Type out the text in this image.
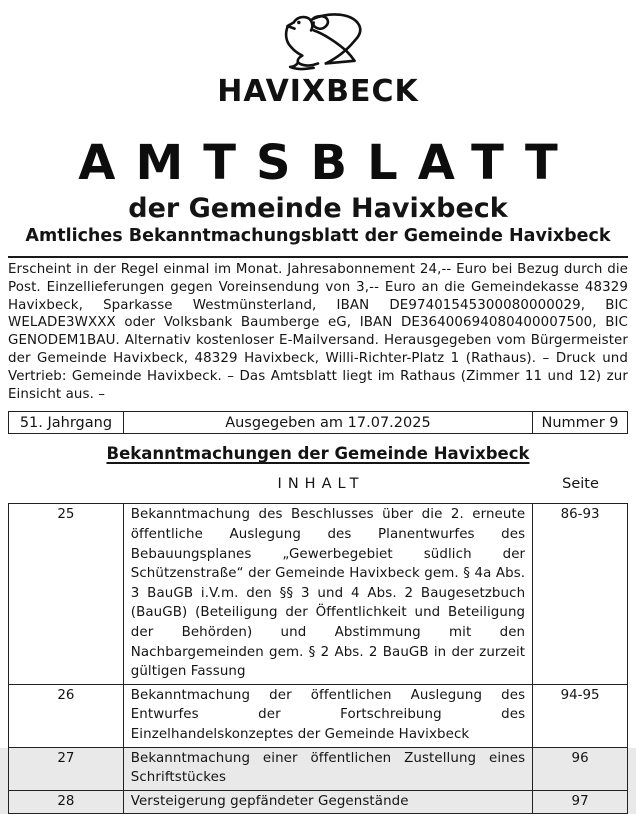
HAVIXBECK
AMTSBLATT
der Gemeinde Havixbeck
Amtliches Bekanntmachungsblatt der Gemeinde Havixbeck

Erscheint in der Regel einmal im Monat. Jahresabonnement 24,-- Euro bei Bezug durch die Post. Einzellieferungen gegen Voreinsendung von 3,-- Euro an die Gemeindekasse 48329 Havixbeck, Sparkasse Westmünsterland, IBAN DE97401545300080000029, BIC WELADE3WXXX oder Volksbank Baumberge eG, IBAN DE36400694080400007500, BIC GENODEM1BAU. Alternativ kostenloser E-Mailversand. Herausgegeben vom Bürgermeister der Gemeinde Havixbeck, 48329 Havixbeck, Willi-Richter-Platz 1 (Rathaus). – Druck und Vertrieb: Gemeinde Havixbeck. – Das Amtsblatt liegt im Rathaus (Zimmer 11 und 12) zur Einsicht aus. –

51. Jahrgang	Ausgegeben am 17.07.2025	Nummer 9
Bekanntmachungen der Gemeinde Havixbeck
INHALT	Seite
25	Bekanntmachung des Beschlusses über die 2. erneute öffentliche Auslegung des Planentwurfes des Bebauungsplanes „Gewerbegebiet südlich der Schützenstraße“ der Gemeinde Havixbeck gem. § 4a Abs. 3 BauGB i.V.m. den §§ 3 und 4 Abs. 2 Baugesetzbuch (BauGB) (Beteiligung der Öffentlichkeit und Beteiligung der Behörden) und Abstimmung mit den Nachbargemeinden gem. § 2 Abs. 2 BauGB in der zurzeit gültigen Fassung	86-93
26	Bekanntmachung der öffentlichen Auslegung des Entwurfes der Fortschreibung des Einzelhandelskonzeptes der Gemeinde Havixbeck	94-95
27	Bekanntmachung einer öffentlichen Zustellung eines Schriftstückes	96
28	Versteigerung gepfändeter Gegenstände	97
